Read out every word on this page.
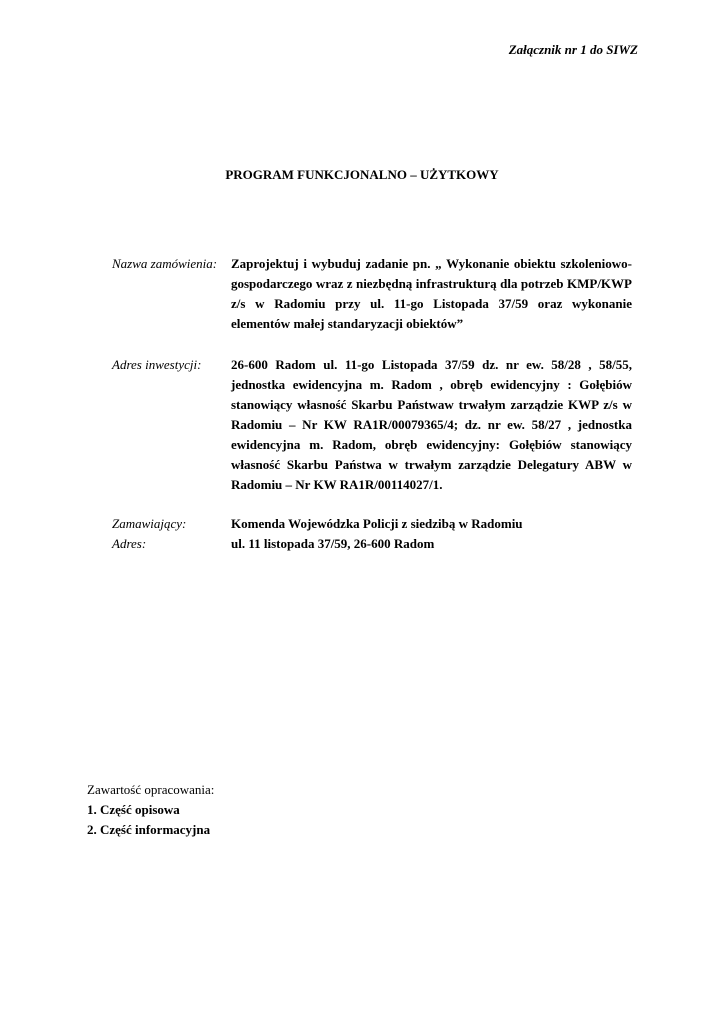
Załącznik nr 1 do SIWZ
PROGRAM FUNKCJONALNO – UŻYTKOWY
Nazwa zamówienia: Zaprojektuj i wybuduj zadanie pn. „ Wykonanie obiektu szkoleniowo-gospodarczego wraz z niezbędną infrastrukturą dla potrzeb KMP/KWP z/s w Radomiu przy ul. 11-go Listopada 37/59 oraz wykonanie elementów małej standaryzacji obiektów”
Adres inwestycji: 26-600 Radom ul. 11-go Listopada 37/59 dz. nr ew. 58/28 , 58/55, jednostka ewidencyjna m. Radom , obręb ewidencyjny : Gołębiów stanowiący własność Skarbu Państwaw trwałym zarządzie KWP z/s w Radomiu – Nr KW RA1R/00079365/4; dz. nr ew. 58/27 , jednostka ewidencyjna m. Radom, obręb ewidencyjny: Gołębiów stanowiący własność Skarbu Państwa w trwałym zarządzie Delegatury ABW w Radomiu – Nr KW RA1R/00114027/1.
Zamawiający:	Komenda Wojewódzka Policji z siedzibą w Radomiu
Adres:	ul. 11 listopada 37/59, 26-600 Radom
Zawartość opracowania:
1. Część opisowa
2. Część informacyjna
